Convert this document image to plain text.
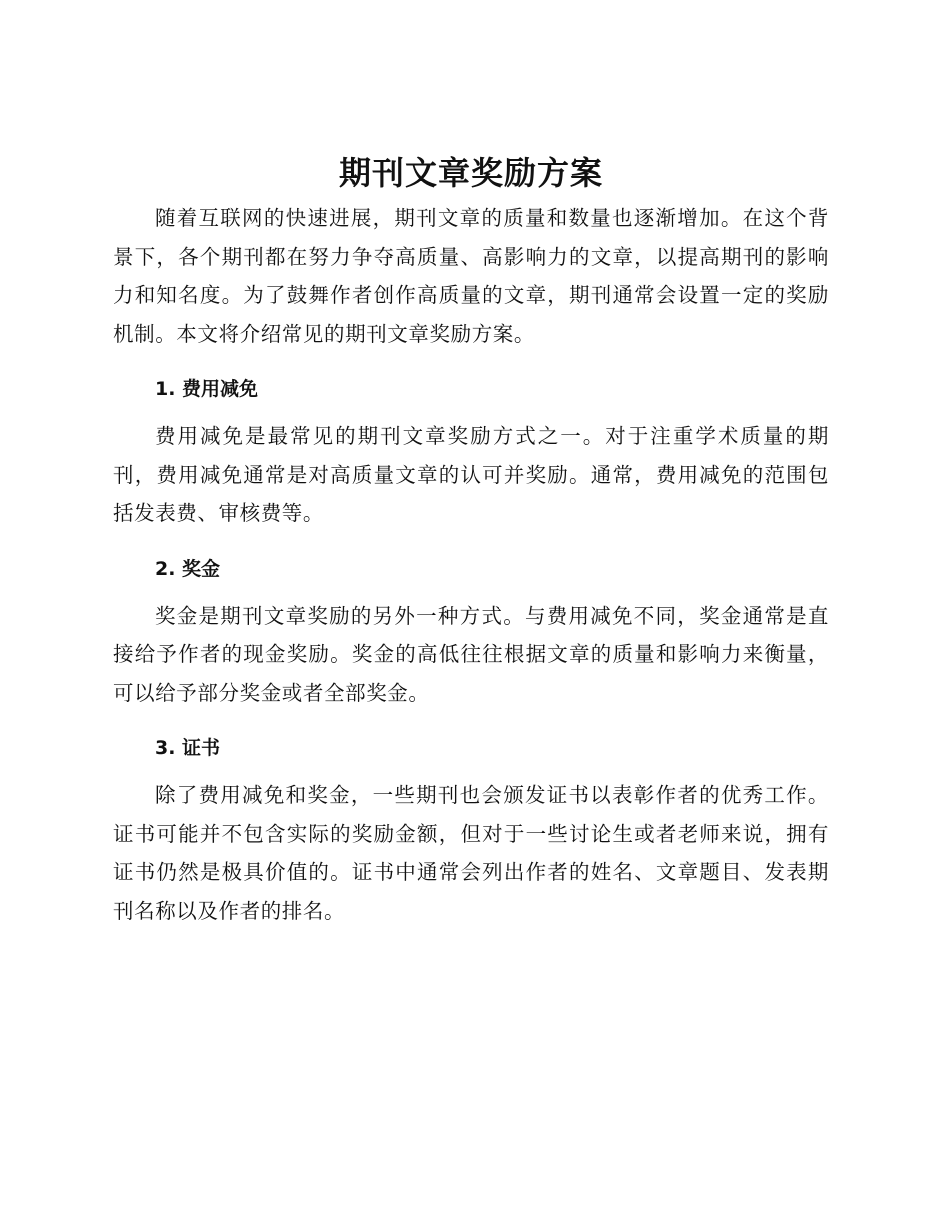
期刊文章奖励方案

随着互联网的快速进展，期刊文章的质量和数量也逐渐增加。在这个背景下，各个期刊都在努力争夺高质量、高影响力的文章，以提高期刊的影响力和知名度。为了鼓舞作者创作高质量的文章，期刊通常会设置一定的奖励机制。本文将介绍常见的期刊文章奖励方案。

1. 费用减免

费用减免是最常见的期刊文章奖励方式之一。对于注重学术质量的期刊，费用减免通常是对高质量文章的认可并奖励。通常，费用减免的范围包括发表费、审核费等。

2. 奖金

奖金是期刊文章奖励的另外一种方式。与费用减免不同，奖金通常是直接给予作者的现金奖励。奖金的高低往往根据文章的质量和影响力来衡量，可以给予部分奖金或者全部奖金。

3. 证书

除了费用减免和奖金，一些期刊也会颁发证书以表彰作者的优秀工作。证书可能并不包含实际的奖励金额，但对于一些讨论生或者老师来说，拥有证书仍然是极具价值的。证书中通常会列出作者的姓名、文章题目、发表期刊名称以及作者的排名。
